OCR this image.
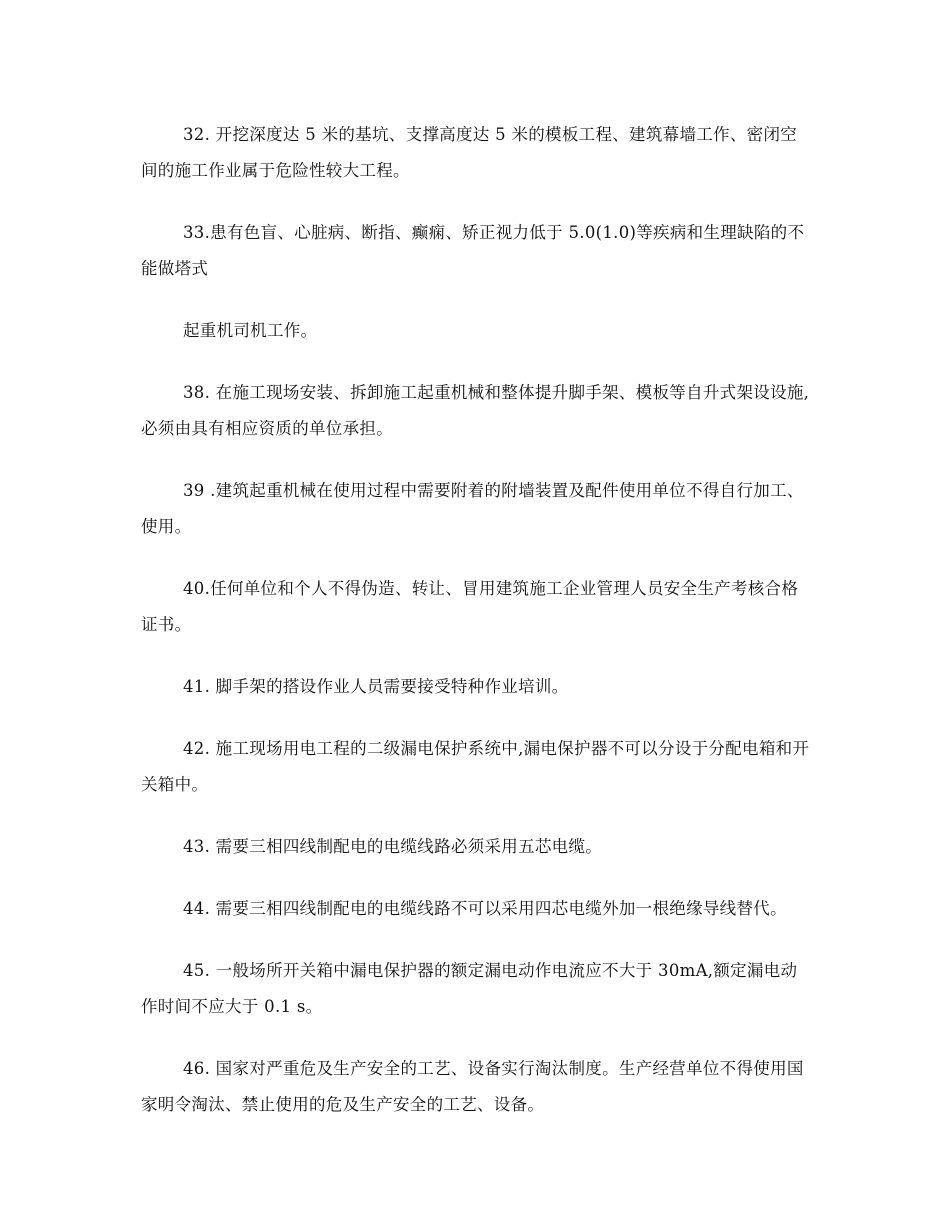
32. 开挖深度达 5 米的基坑、支撑高度达 5 米的模板工程、建筑幕墙工作、密闭空间的施工作业属于危险性较大工程。

33.患有色盲、心脏病、断指、癫痫、矫正视力低于 5.0(1.0)等疾病和生理缺陷的不能做塔式

起重机司机工作。

38. 在施工现场安装、拆卸施工起重机械和整体提升脚手架、模板等自升式架设设施,必须由具有相应资质的单位承担。

39 .建筑起重机械在使用过程中需要附着的附墙装置及配件使用单位不得自行加工、使用。

40.任何单位和个人不得伪造、转让、冒用建筑施工企业管理人员安全生产考核合格证书。

41. 脚手架的搭设作业人员需要接受特种作业培训。

42. 施工现场用电工程的二级漏电保护系统中,漏电保护器不可以分设于分配电箱和开关箱中。

43. 需要三相四线制配电的电缆线路必须采用五芯电缆。

44. 需要三相四线制配电的电缆线路不可以采用四芯电缆外加一根绝缘导线替代。

45. 一般场所开关箱中漏电保护器的额定漏电动作电流应不大于 30mA,额定漏电动作时间不应大于 0.1 s。

46. 国家对严重危及生产安全的工艺、设备实行淘汰制度。生产经营单位不得使用国家明令淘汰、禁止使用的危及生产安全的工艺、设备。
